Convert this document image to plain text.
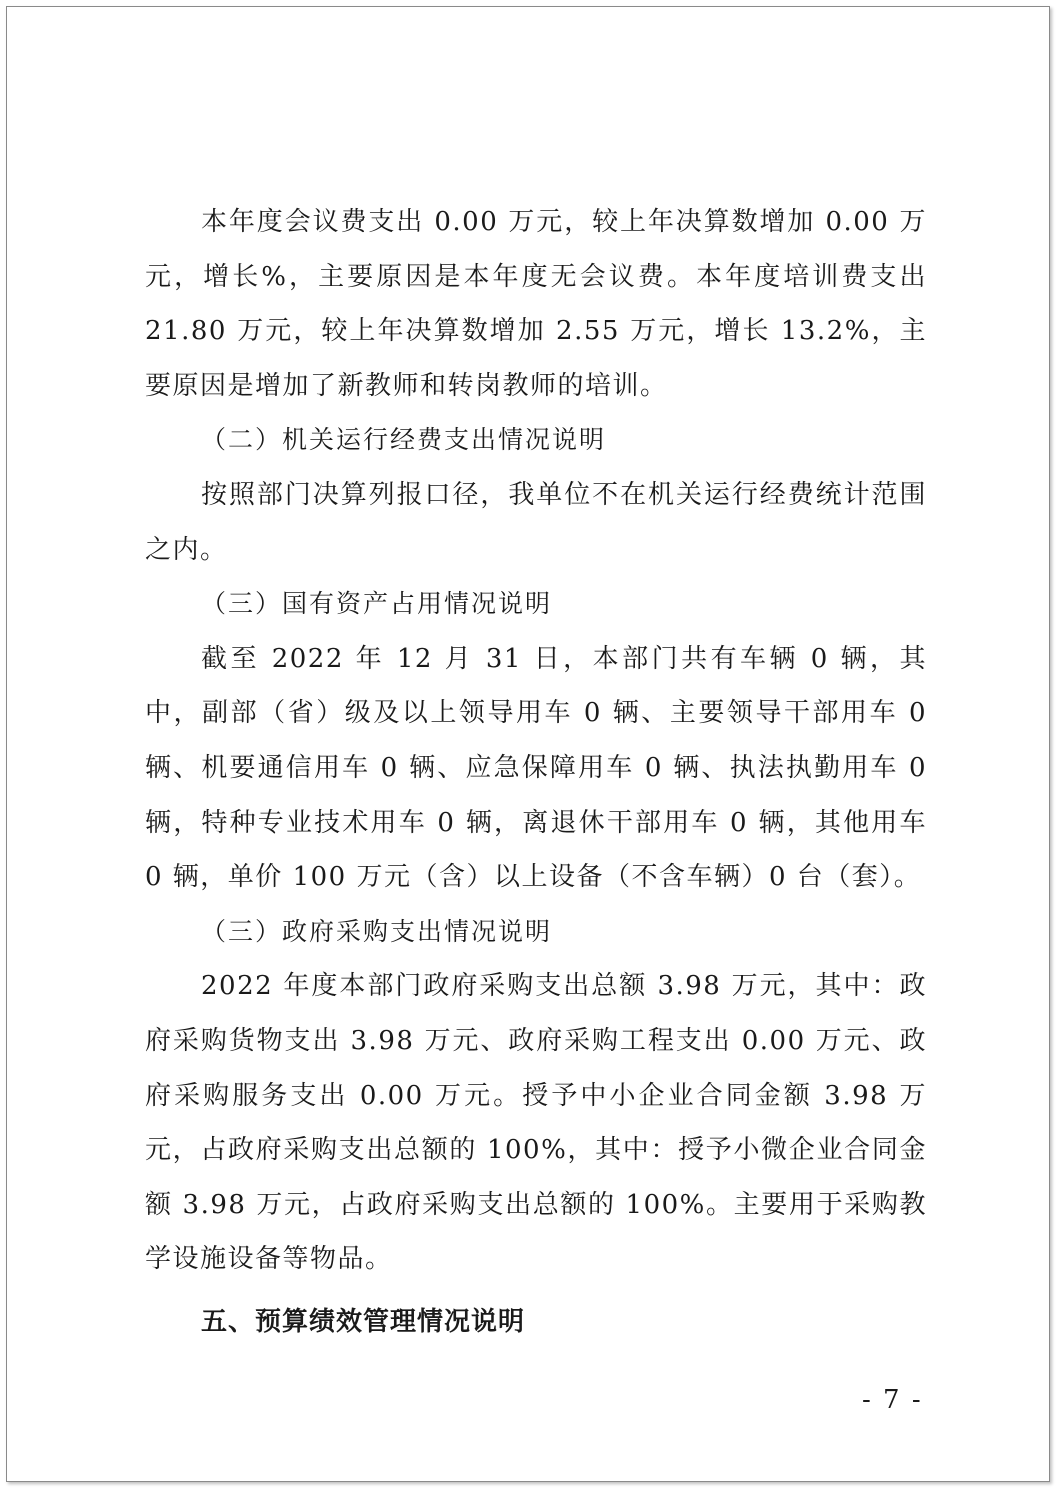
本年度会议费支出 0.00 万元，较上年决算数增加 0.00 万元，增长%，主要原因是本年度无会议费。本年度培训费支出 21.80 万元，较上年决算数增加 2.55 万元，增长 13.2%，主要原因是增加了新教师和转岗教师的培训。

（二）机关运行经费支出情况说明

按照部门决算列报口径，我单位不在机关运行经费统计范围之内。

（三）国有资产占用情况说明

截至 2022 年 12 月 31 日，本部门共有车辆 0 辆，其中，副部（省）级及以上领导用车 0 辆、主要领导干部用车 0 辆、机要通信用车 0 辆、应急保障用车 0 辆、执法执勤用车 0 辆，特种专业技术用车 0 辆，离退休干部用车 0 辆，其他用车 0 辆，单价 100 万元（含）以上设备（不含车辆）0 台（套）。

（三）政府采购支出情况说明

2022 年度本部门政府采购支出总额 3.98 万元，其中：政府采购货物支出 3.98 万元、政府采购工程支出 0.00 万元、政府采购服务支出 0.00 万元。授予中小企业合同金额 3.98 万元，占政府采购支出总额的 100%，其中：授予小微企业合同金额 3.98 万元，占政府采购支出总额的 100%。主要用于采购教学设施设备等物品。

五、预算绩效管理情况说明

- 7 -
